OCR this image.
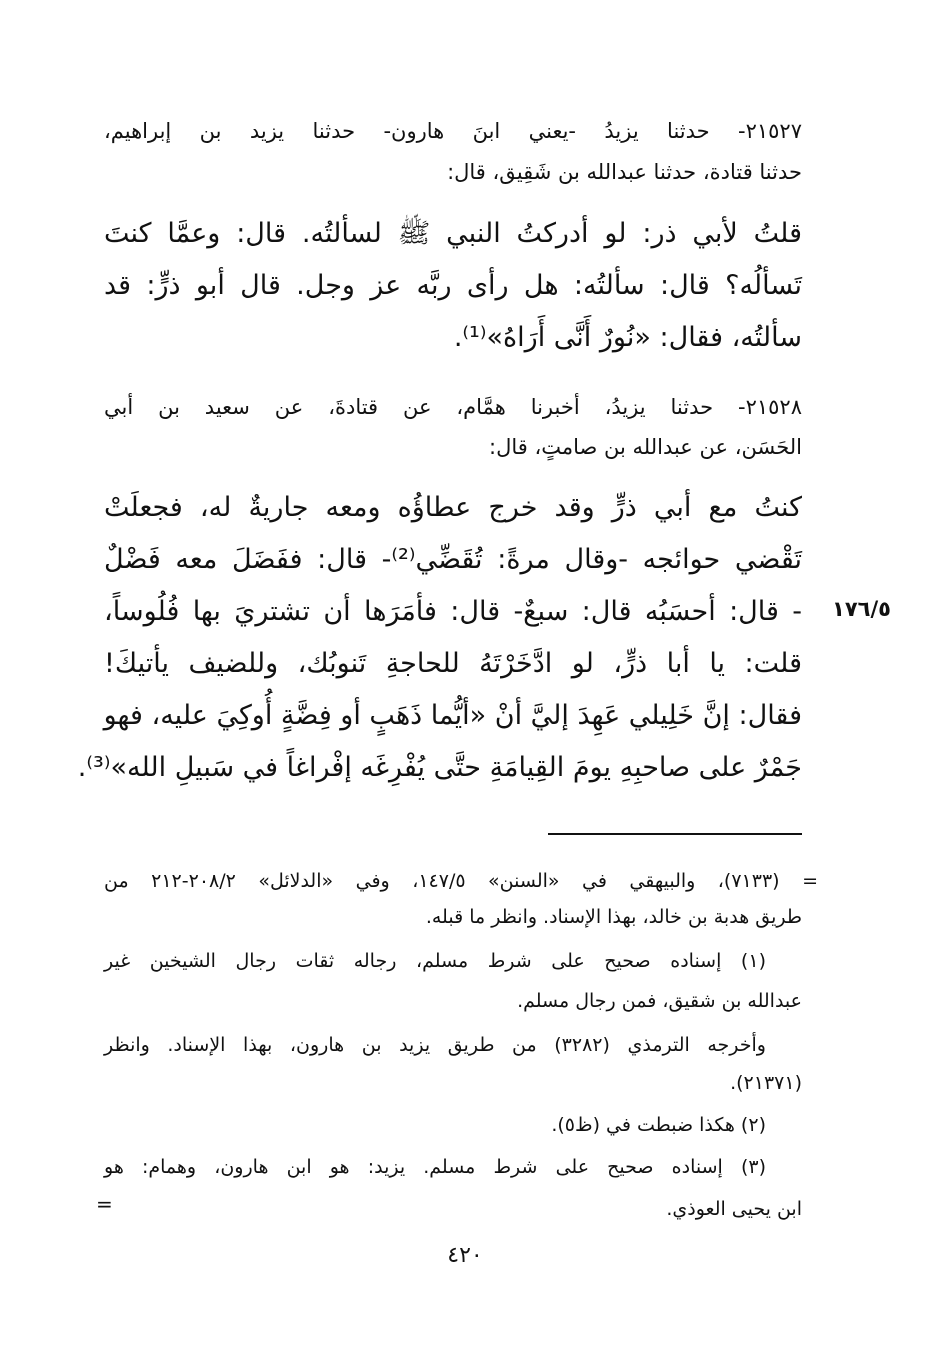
٢١٥٢٧- حدثنا يزيدُ -يعني ابنَ هارون- حدثنا يزيد بن إبراهيم،
حدثنا قتادة، حدثنا عبدالله بن شَقِيق، قال:
قلتُ لأبي ذر: لو أدركتُ النبي ﷺ لسألتُه. قال: وعمَّا كنتَ
تَسألُه؟ قال: سألتُه: هل رأى ربَّه عز وجل. قال أبو ذرٍّ: قد
سألتُه، فقال: «نُورٌ أَنَّى أَرَاهُ»⁽¹⁾.
٢١٥٢٨- حدثنا يزيدُ، أخبرنا همَّام، عن قتادةَ، عن سعيد بن أبي
الحَسَن، عن عبدالله بن صامتٍ، قال:
كنتُ مع أبي ذرٍّ وقد خرج عطاؤُه ومعه جاريةٌ له، فجعلَتْ
تَقْضي حوائجه -وقال مرةً: تُقَضِّي⁽²⁾- قال: ففَضَلَ معه فَضْلٌ
- قال: أحسَبُه قال: سبعٌ- قال: فأمَرَها أن تشتريَ بها فُلُوساً،
قلت: يا أبا ذرٍّ، لو ادَّخَرْتَهُ للحاجةِ تَنوبُك، وللضيف يأتيكَ!
فقال: إنَّ خَلِيلي عَهِدَ إليَّ أنْ «أيُّما ذَهَبٍ أو فِضَّةٍ أُوكِيَ عليه، فهو
جَمْرٌ على صاحبِهِ يومَ القِيامَةِ حتَّى يُفْرِغَه إفْراغاً في سَبيلِ الله»⁽³⁾.
١٧٦/٥
= (٧١٣٣)، والبيهقي في «السنن» ١٤٧/٥، وفي «الدلائل» ٢٠٨/٢-٢١٢ من
طريق هدبة بن خالد، بهذا الإسناد. وانظر ما قبله.
(١) إسناده صحيح على شرط مسلم، رجاله ثقات رجال الشيخين غير
عبدالله بن شقيق، فمن رجال مسلم.
وأخرجه الترمذي (٣٢٨٢) من طريق يزيد بن هارون، بهذا الإسناد. وانظر
(٢١٣٧١).
(٢) هكذا ضبطت في (ظ٥).
(٣) إسناده صحيح على شرط مسلم. يزيد: هو ابن هارون، وهمام: هو
ابن يحيى العوذي.
=
٤٢٠
